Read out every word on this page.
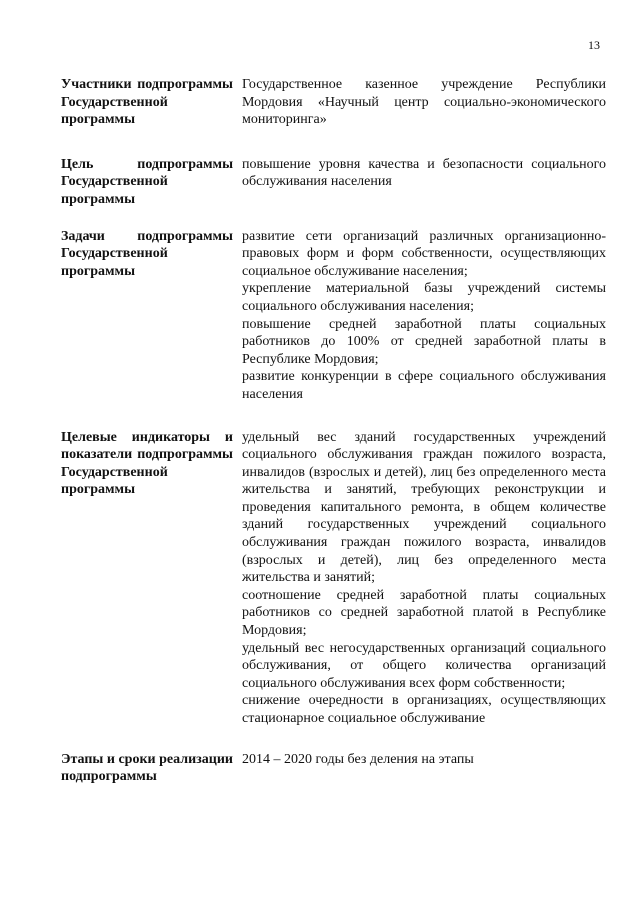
13
Участники подпрограммы Государственной программы

Государственное казенное учреждение Республики Мордовия «Научный центр социально-экономического мониторинга»

Цель подпрограммы Государственной программы

повышение уровня качества и безопасности социального обслуживания населения

Задачи подпрограммы Государственной программы

развитие сети организаций различных организационно-правовых форм и форм собственности, осуществляющих социальное обслуживание населения;

укрепление материальной базы учреждений системы социального обслуживания населения;

повышение средней заработной платы социальных работников до 100% от средней заработной платы в Республике Мордовия;

развитие конкуренции в сфере социального обслуживания населения

Целевые индикаторы и показатели подпрограммы Государственной программы

удельный вес зданий государственных учреждений социального обслуживания граждан пожилого возраста, инвалидов (взрослых и детей), лиц без определенного места жительства и занятий, требующих реконструкции и проведения капитального ремонта, в общем количестве зданий государственных учреждений социального обслуживания граждан пожилого возраста, инвалидов (взрослых и детей), лиц без определенного места жительства и занятий;

соотношение средней заработной платы социальных работников со средней заработной платой в Республике Мордовия;

удельный вес негосударственных организаций социального обслуживания, от общего количества организаций социального обслуживания всех форм собственности;

снижение очередности в организациях, осуществляющих стационарное социальное обслуживание

Этапы и сроки реализации подпрограммы

2014 – 2020 годы без деления на этапы
